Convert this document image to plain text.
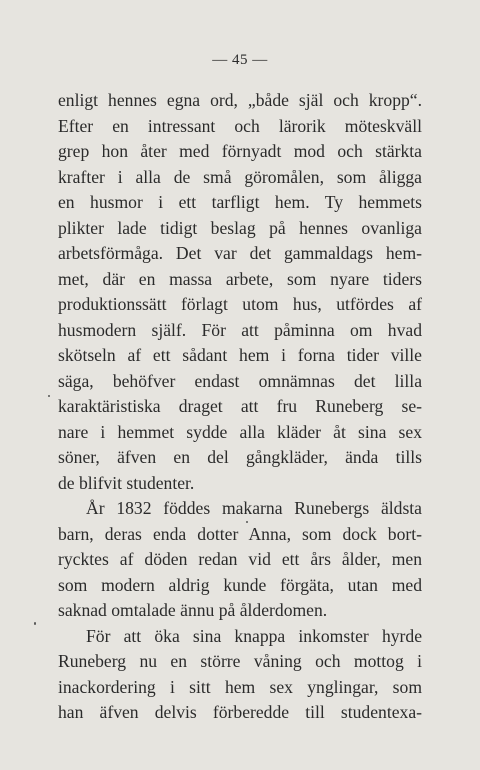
— 45 —
enligt hennes egna ord, „både själ och kropp“.
Efter en intressant och lärorik möteskväll
grep hon åter med förnyadt mod och stärkta
krafter i alla de små göromålen, som åligga
en husmor i ett tarfligt hem. Ty hemmets
plikter lade tidigt beslag på hennes ovanliga
arbetsförmåga. Det var det gammaldags hem-
met, där en massa arbete, som nyare tiders
produktionssätt förlagt utom hus, utfördes af
husmodern själf. För att påminna om hvad
skötseln af ett sådant hem i forna tider ville
säga, behöfver endast omnämnas det lilla
karaktäristiska draget att fru Runeberg se-
nare i hemmet sydde alla kläder åt sina sex
söner, äfven en del gångkläder, ända tills
de blifvit studenter.
År 1832 föddes makarna Runebergs äldsta
barn, deras enda dotter Anna, som dock bort-
rycktes af döden redan vid ett års ålder, men
som modern aldrig kunde förgäta, utan med
saknad omtalade ännu på ålderdomen.
För att öka sina knappa inkomster hyrde
Runeberg nu en större våning och mottog i
inackordering i sitt hem sex ynglingar, som
han äfven delvis förberedde till studentexa-
